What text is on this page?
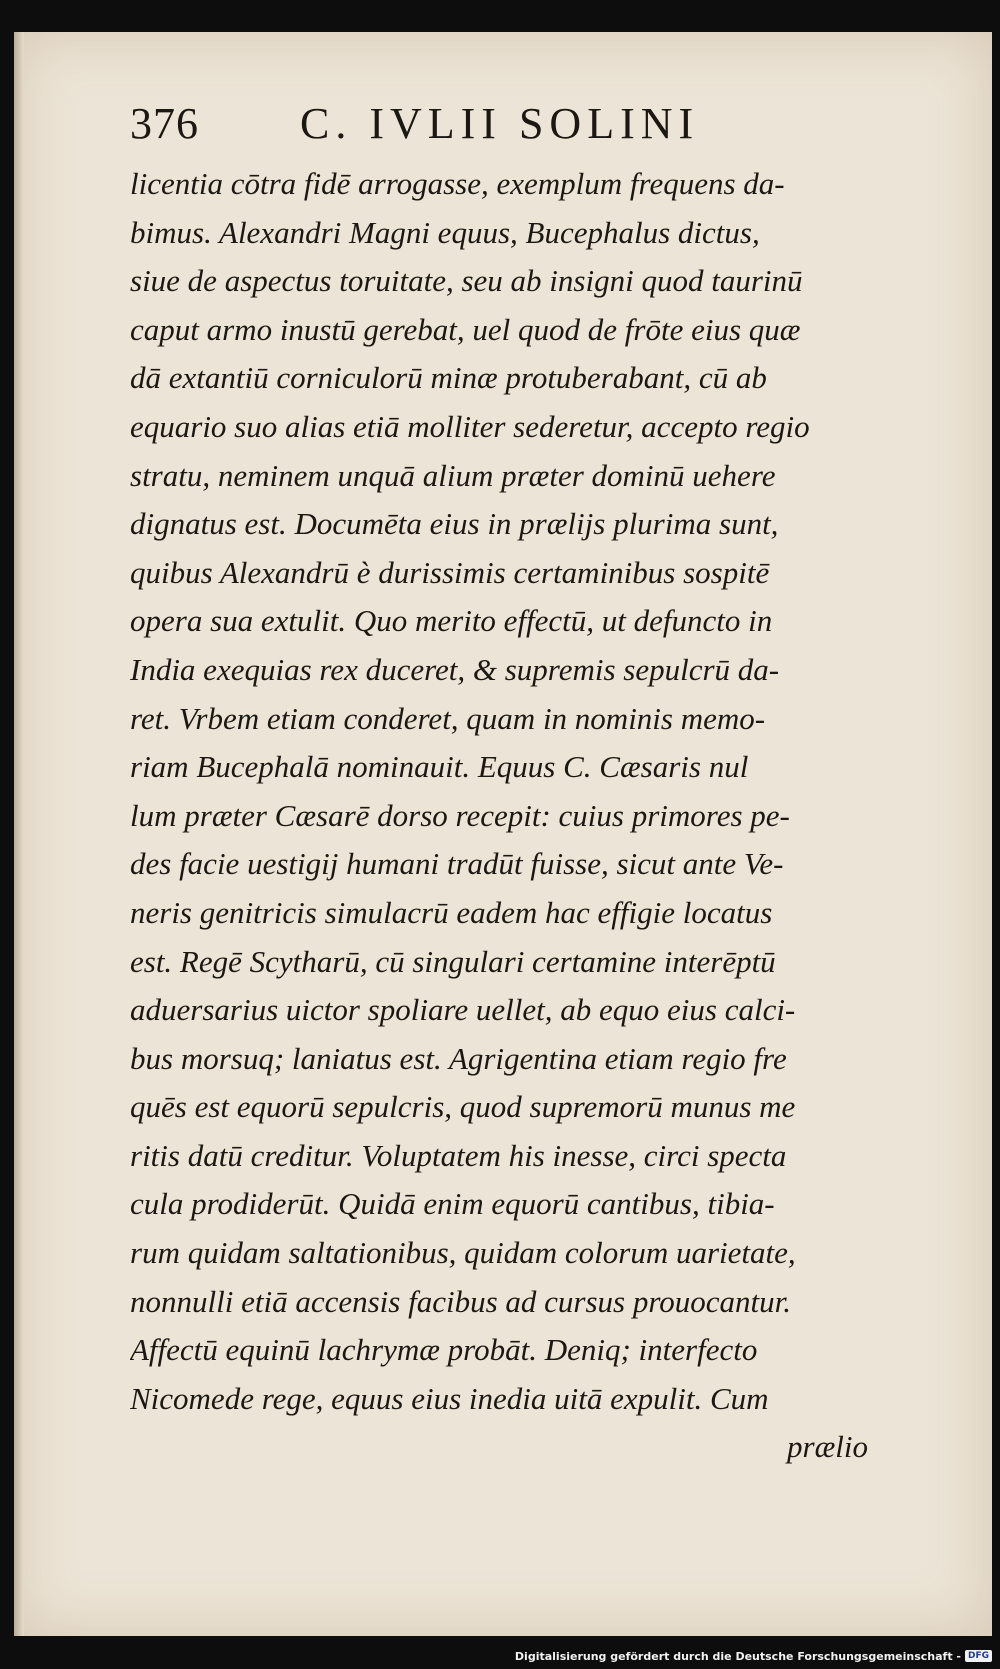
376 C. IVLII SOLINI
licentia cōtra fidē arrogasse, exemplum frequens da-
bimus. Alexandri Magni equus, Bucephalus dictus,
siue de aspectus toruitate, seu ab insigni quod taurinū
caput armo inustū gerebat, uel quod de frōte eius quæ
dā extantiū corniculorū minæ protuberabant, cū ab
equario suo alias etiā molliter sederetur, accepto regio
stratu, neminem unquā alium præter dominū uehere
dignatus est. Documēta eius in prælijs plurima sunt,
quibus Alexandrū è durissimis certaminibus sospitē
opera sua extulit. Quo merito effectū, ut defuncto in
India exequias rex duceret, & supremis sepulcrū da-
ret. Vrbem etiam conderet, quam in nominis memo-
riam Bucephalā nominauit. Equus C. Cæsaris nul
lum præter Cæsarē dorso recepit: cuius primores pe-
des facie uestigij humani tradūt fuisse, sicut ante Ve-
neris genitricis simulacrū eadem hac effigie locatus
est. Regē Scytharū, cū singulari certamine interēptū
aduersarius uictor spoliare uellet, ab equo eius calci-
bus morsuq; laniatus est. Agrigentina etiam regio fre
quēs est equorū sepulcris, quod supremorū munus me
ritis datū creditur. Voluptatem his inesse, circi specta
cula prodiderūt. Quidā enim equorū cantibus, tibia-
rum quidam saltationibus, quidam colorum uarietate,
nonnulli etiā accensis facibus ad cursus prouocantur.
Affectū equinū lachrymæ probāt. Deniq; interfecto
Nicomede rege, equus eius inedia uitā expulit. Cum
prælio
Digitalisierung gefördert durch die Deutsche Forschungsgemeinschaft - DFG
